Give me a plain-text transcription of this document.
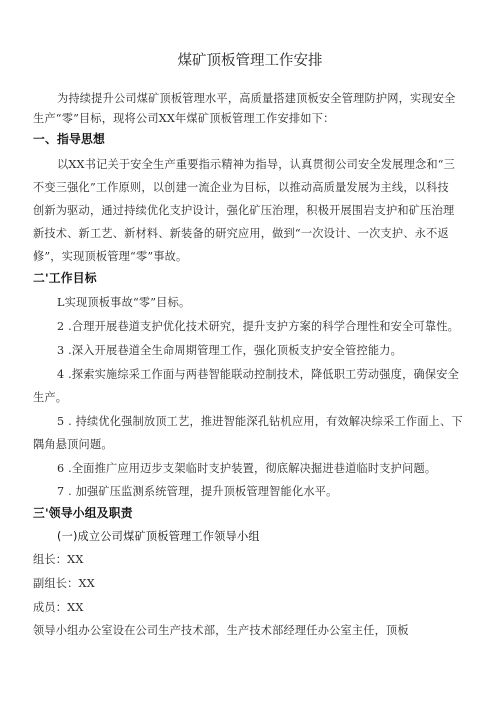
煤矿顶板管理工作安排
为持续提升公司煤矿顶板管理水平，高质量搭建顶板安全管理防护网，实现安全
生产“零”目标，现将公司XX年煤矿顶板管理工作安排如下：
一、指导思想
以XX书记关于安全生产重要指示精神为指导，认真贯彻公司安全发展理念和“三
不变三强化”工作原则，以创建一流企业为目标，以推动高质量发展为主线，以科技
创新为驱动，通过持续优化支护设计，强化矿压治理，积极开展围岩支护和矿压治理
新技术、新工艺、新材料、新装备的研究应用，做到“一次设计、一次支护、永不返
修”，实现顶板管理“零”事故。
二'工作目标
L实现顶板事故“零”目标。
2 .合理开展巷道支护优化技术研究，提升支护方案的科学合理性和安全可靠性。
3 .深入开展巷道全生命周期管理工作，强化顶板支护安全管控能力。
4 .探索实施综采工作面与两巷智能联动控制技术，降低职工劳动强度，确保安全
生产。
5 . 持续优化强制放顶工艺，推进智能深孔钻机应用，有效解决综采工作面上、下
隅角悬顶问题。
6 .全面推广应用迈步支架临时支护装置，彻底解决掘进巷道临时支护问题。
7 . 加强矿压监测系统管理，提升顶板管理智能化水平。
三'领导小组及职责
(一)成立公司煤矿顶板管理工作领导小组
组长：XX
副组长：XX
成员：XX
领导小组办公室设在公司生产技术部，生产技术部经理任办公室主任，顶板
